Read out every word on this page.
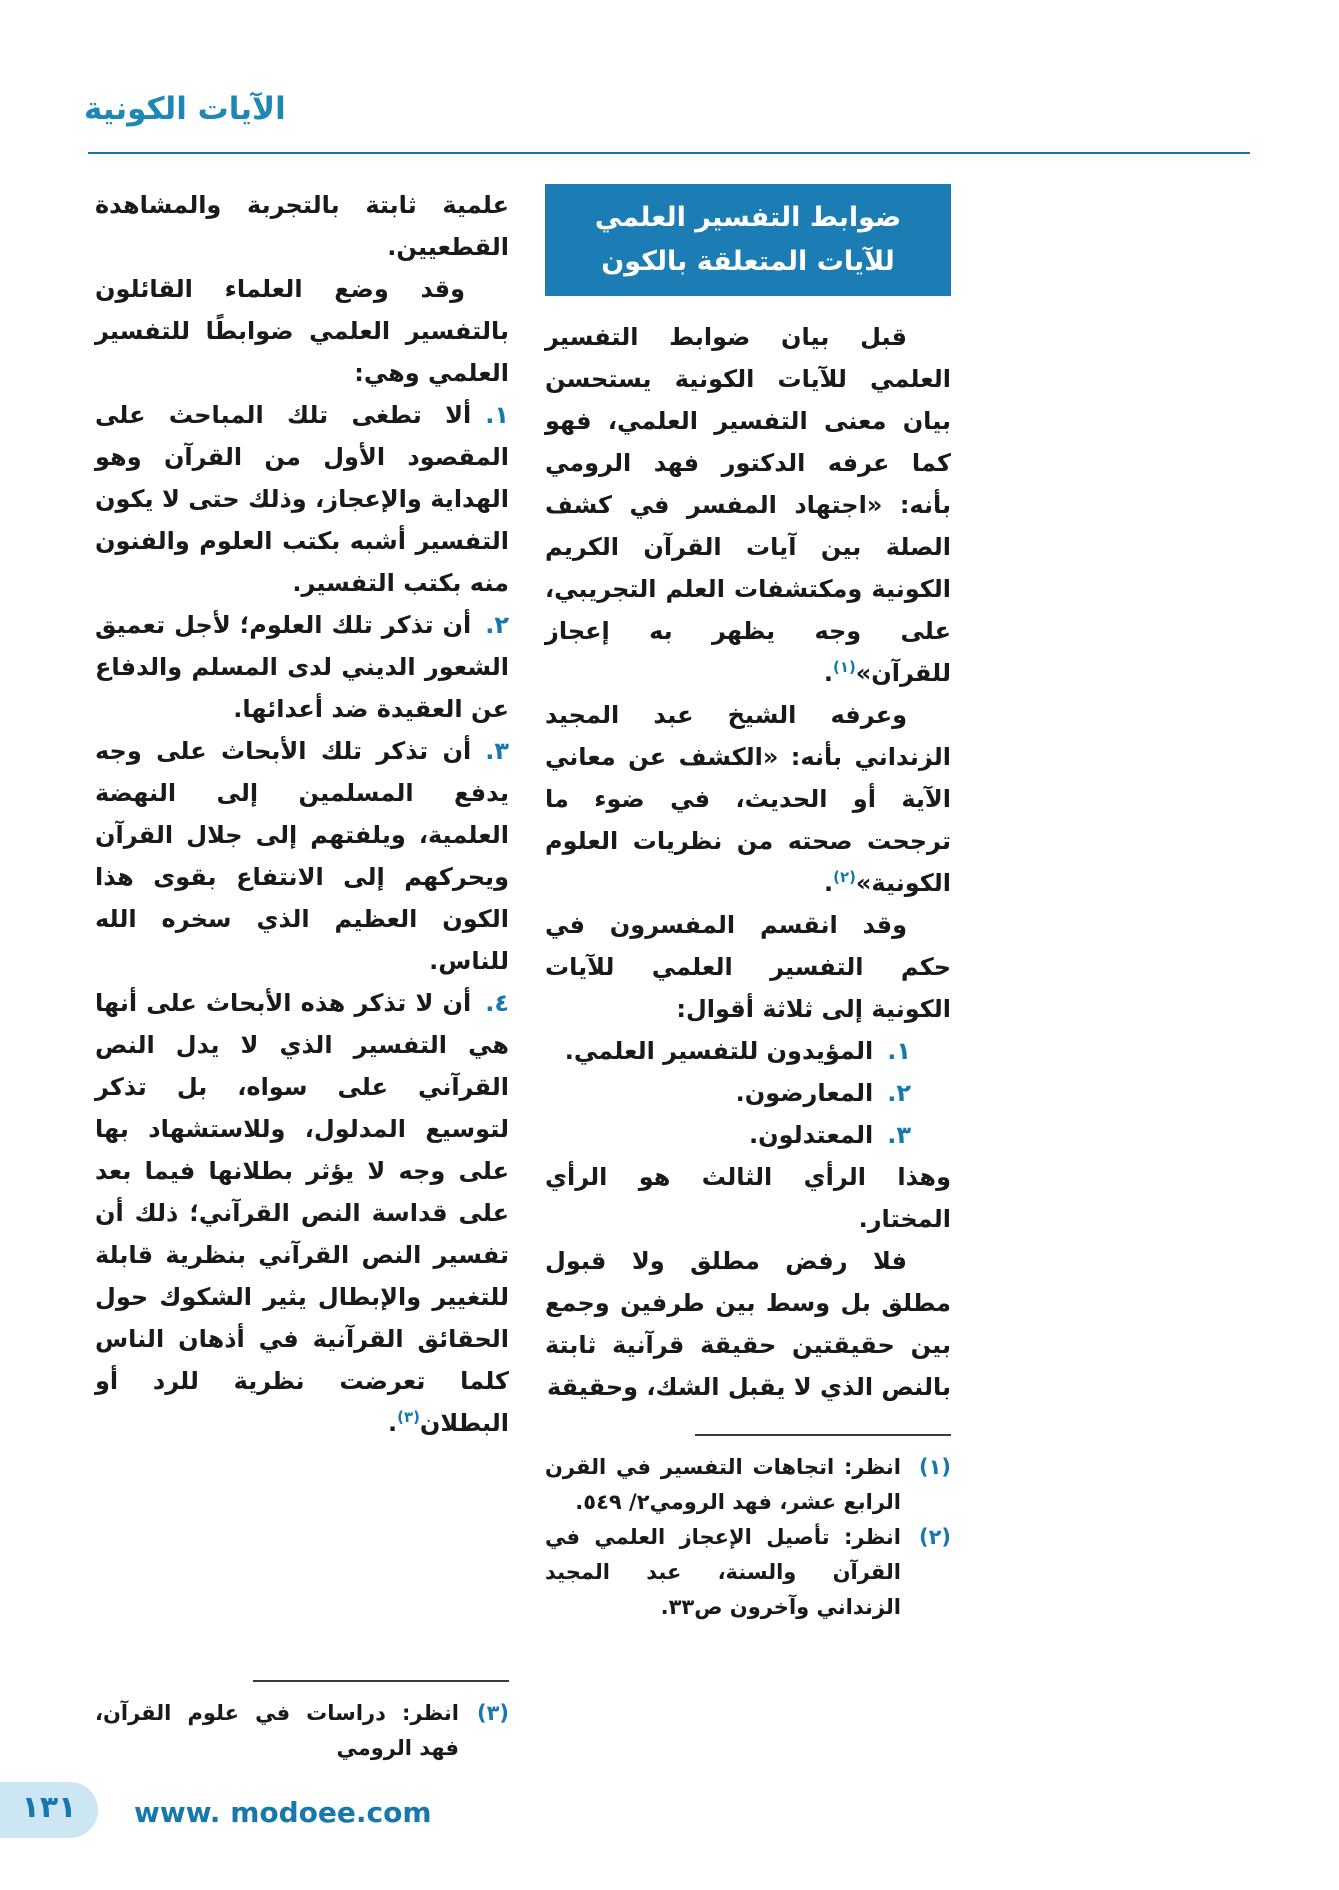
الآيات الكونية
ضوابط التفسير العلمي للآيات المتعلقة بالكون

قبل بيان ضوابط التفسير العلمي للآيات الكونية يستحسن بيان معنى التفسير العلمي، فهو كما عرفه الدكتور فهد الرومي بأنه: «اجتهاد المفسر في كشف الصلة بين آيات القرآن الكريم الكونية ومكتشفات العلم التجريبي، على وجه يظهر به إعجاز للقرآن»$^{(١)}$.

وعرفه الشيخ عبد المجيد الزنداني بأنه: «الكشف عن معاني الآية أو الحديث، في ضوء ما ترجحت صحته من نظريات العلوم الكونية»$^{(٢)}$.

وقد انقسم المفسرون في حكم التفسير العلمي للآيات الكونية إلى ثلاثة أقوال:

١.المؤيدون للتفسير العلمي.

٢.المعارضون.

٣.المعتدلون.

وهذا الرأي الثالث هو الرأي المختار.

فلا رفض مطلق ولا قبول مطلق بل وسط بين طرفين وجمع بين حقيقتين حقيقة قرآنية ثابتة بالنص الذي لا يقبل الشك، وحقيقة

(١)
انظر: اتجاهات التفسير في القرن الرابع عشر، فهد الرومي٢/ ٥٤٩.

(٢)
انظر: تأصيل الإعجاز العلمي في القرآن والسنة، عبد المجيد الزنداني وآخرون ص٣٣.

علمية ثابتة بالتجربة والمشاهدة القطعيين.

وقد وضع العلماء القائلون بالتفسير العلمي ضوابطًا للتفسير العلمي وهي:

١.ألا تطغى تلك المباحث على المقصود الأول من القرآن وهو الهداية والإعجاز، وذلك حتى لا يكون التفسير أشبه بكتب العلوم والفنون منه بكتب التفسير.

٢.أن تذكر تلك العلوم؛ لأجل تعميق الشعور الديني لدى المسلم والدفاع عن العقيدة ضد أعدائها.

٣.أن تذكر تلك الأبحاث على وجه يدفع المسلمين إلى النهضة العلمية، ويلفتهم إلى جلال القرآن ويحركهم إلى الانتفاع بقوى هذا الكون العظيم الذي سخره الله للناس.

٤.أن لا تذكر هذه الأبحاث على أنها هي التفسير الذي لا يدل النص القرآني على سواه، بل تذكر لتوسيع المدلول، وللاستشهاد بها على وجه لا يؤثر بطلانها فيما بعد على قداسة النص القرآني؛ ذلك أن تفسير النص القرآني بنظرية قابلة للتغيير والإبطال يثير الشكوك حول الحقائق القرآنية في أذهان الناس كلما تعرضت نظرية للرد أو البطلان$^{(٣)}$.

(٣)
انظر: دراسات في علوم القرآن، فهد الرومي

١٣١	www. modoee.com
